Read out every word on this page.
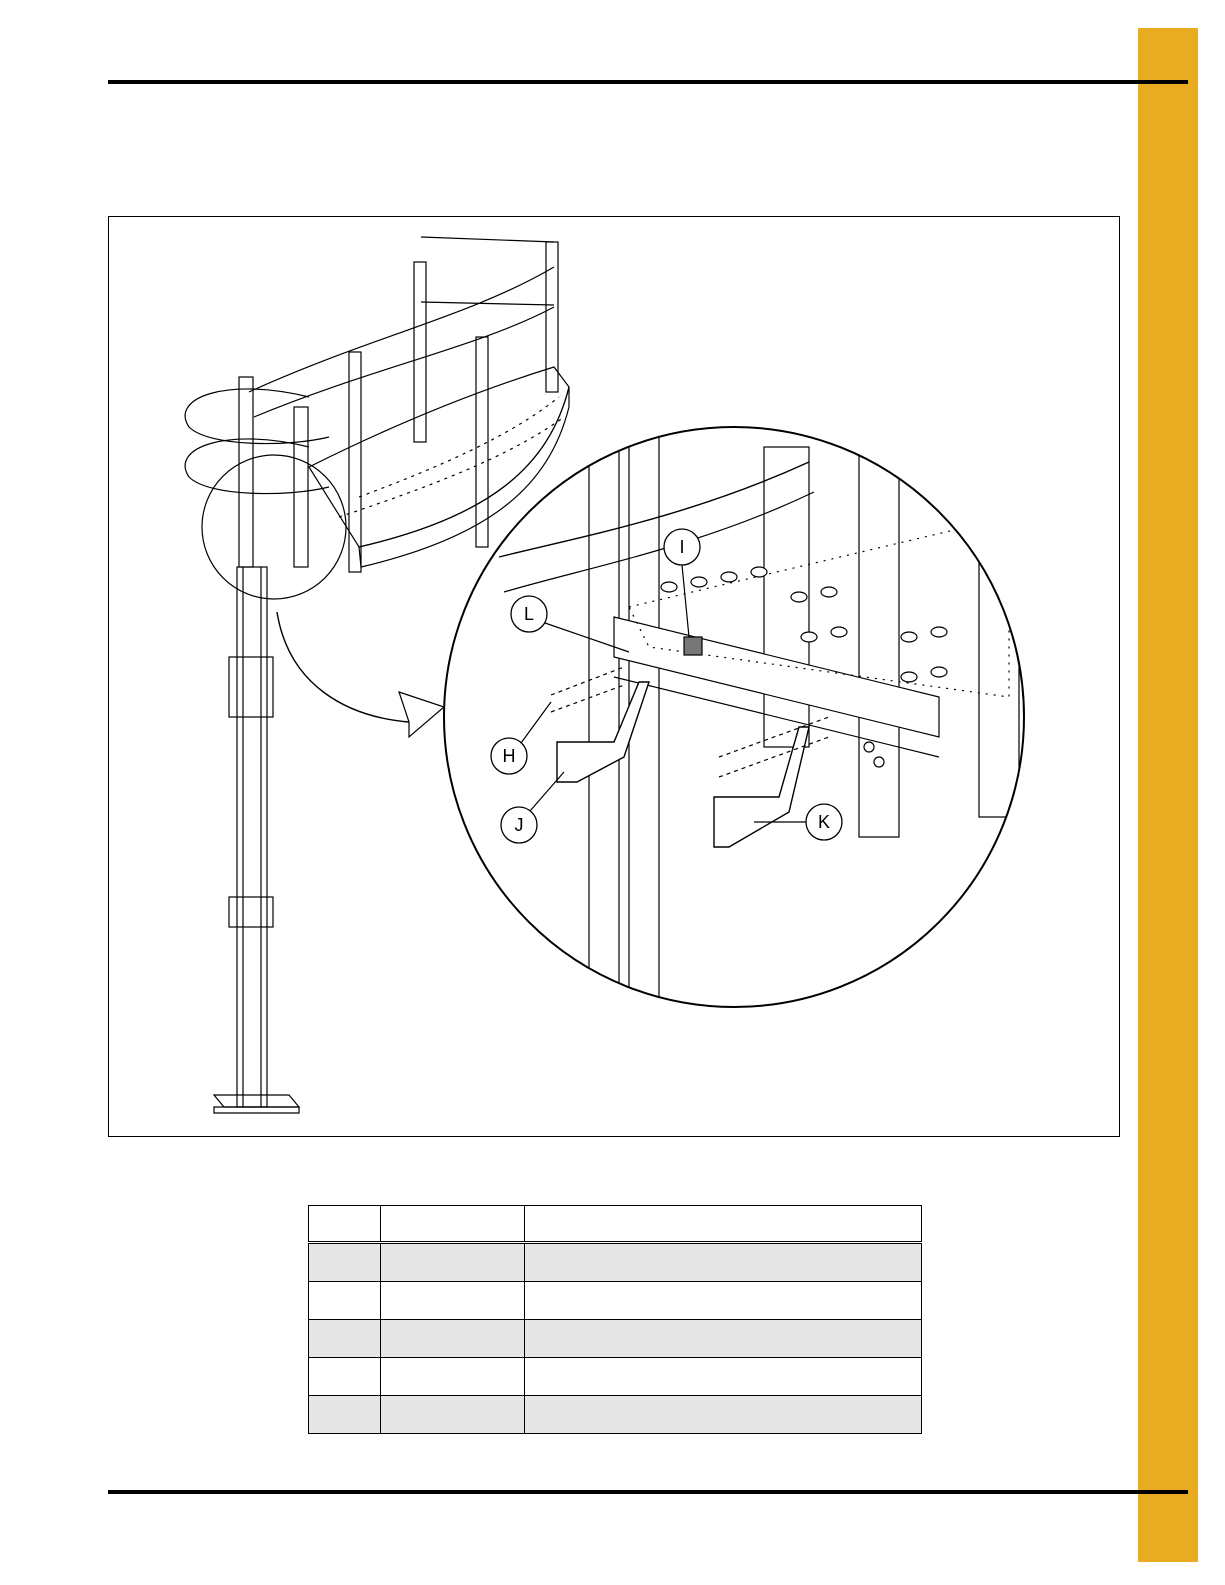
I
L
H
J	K
